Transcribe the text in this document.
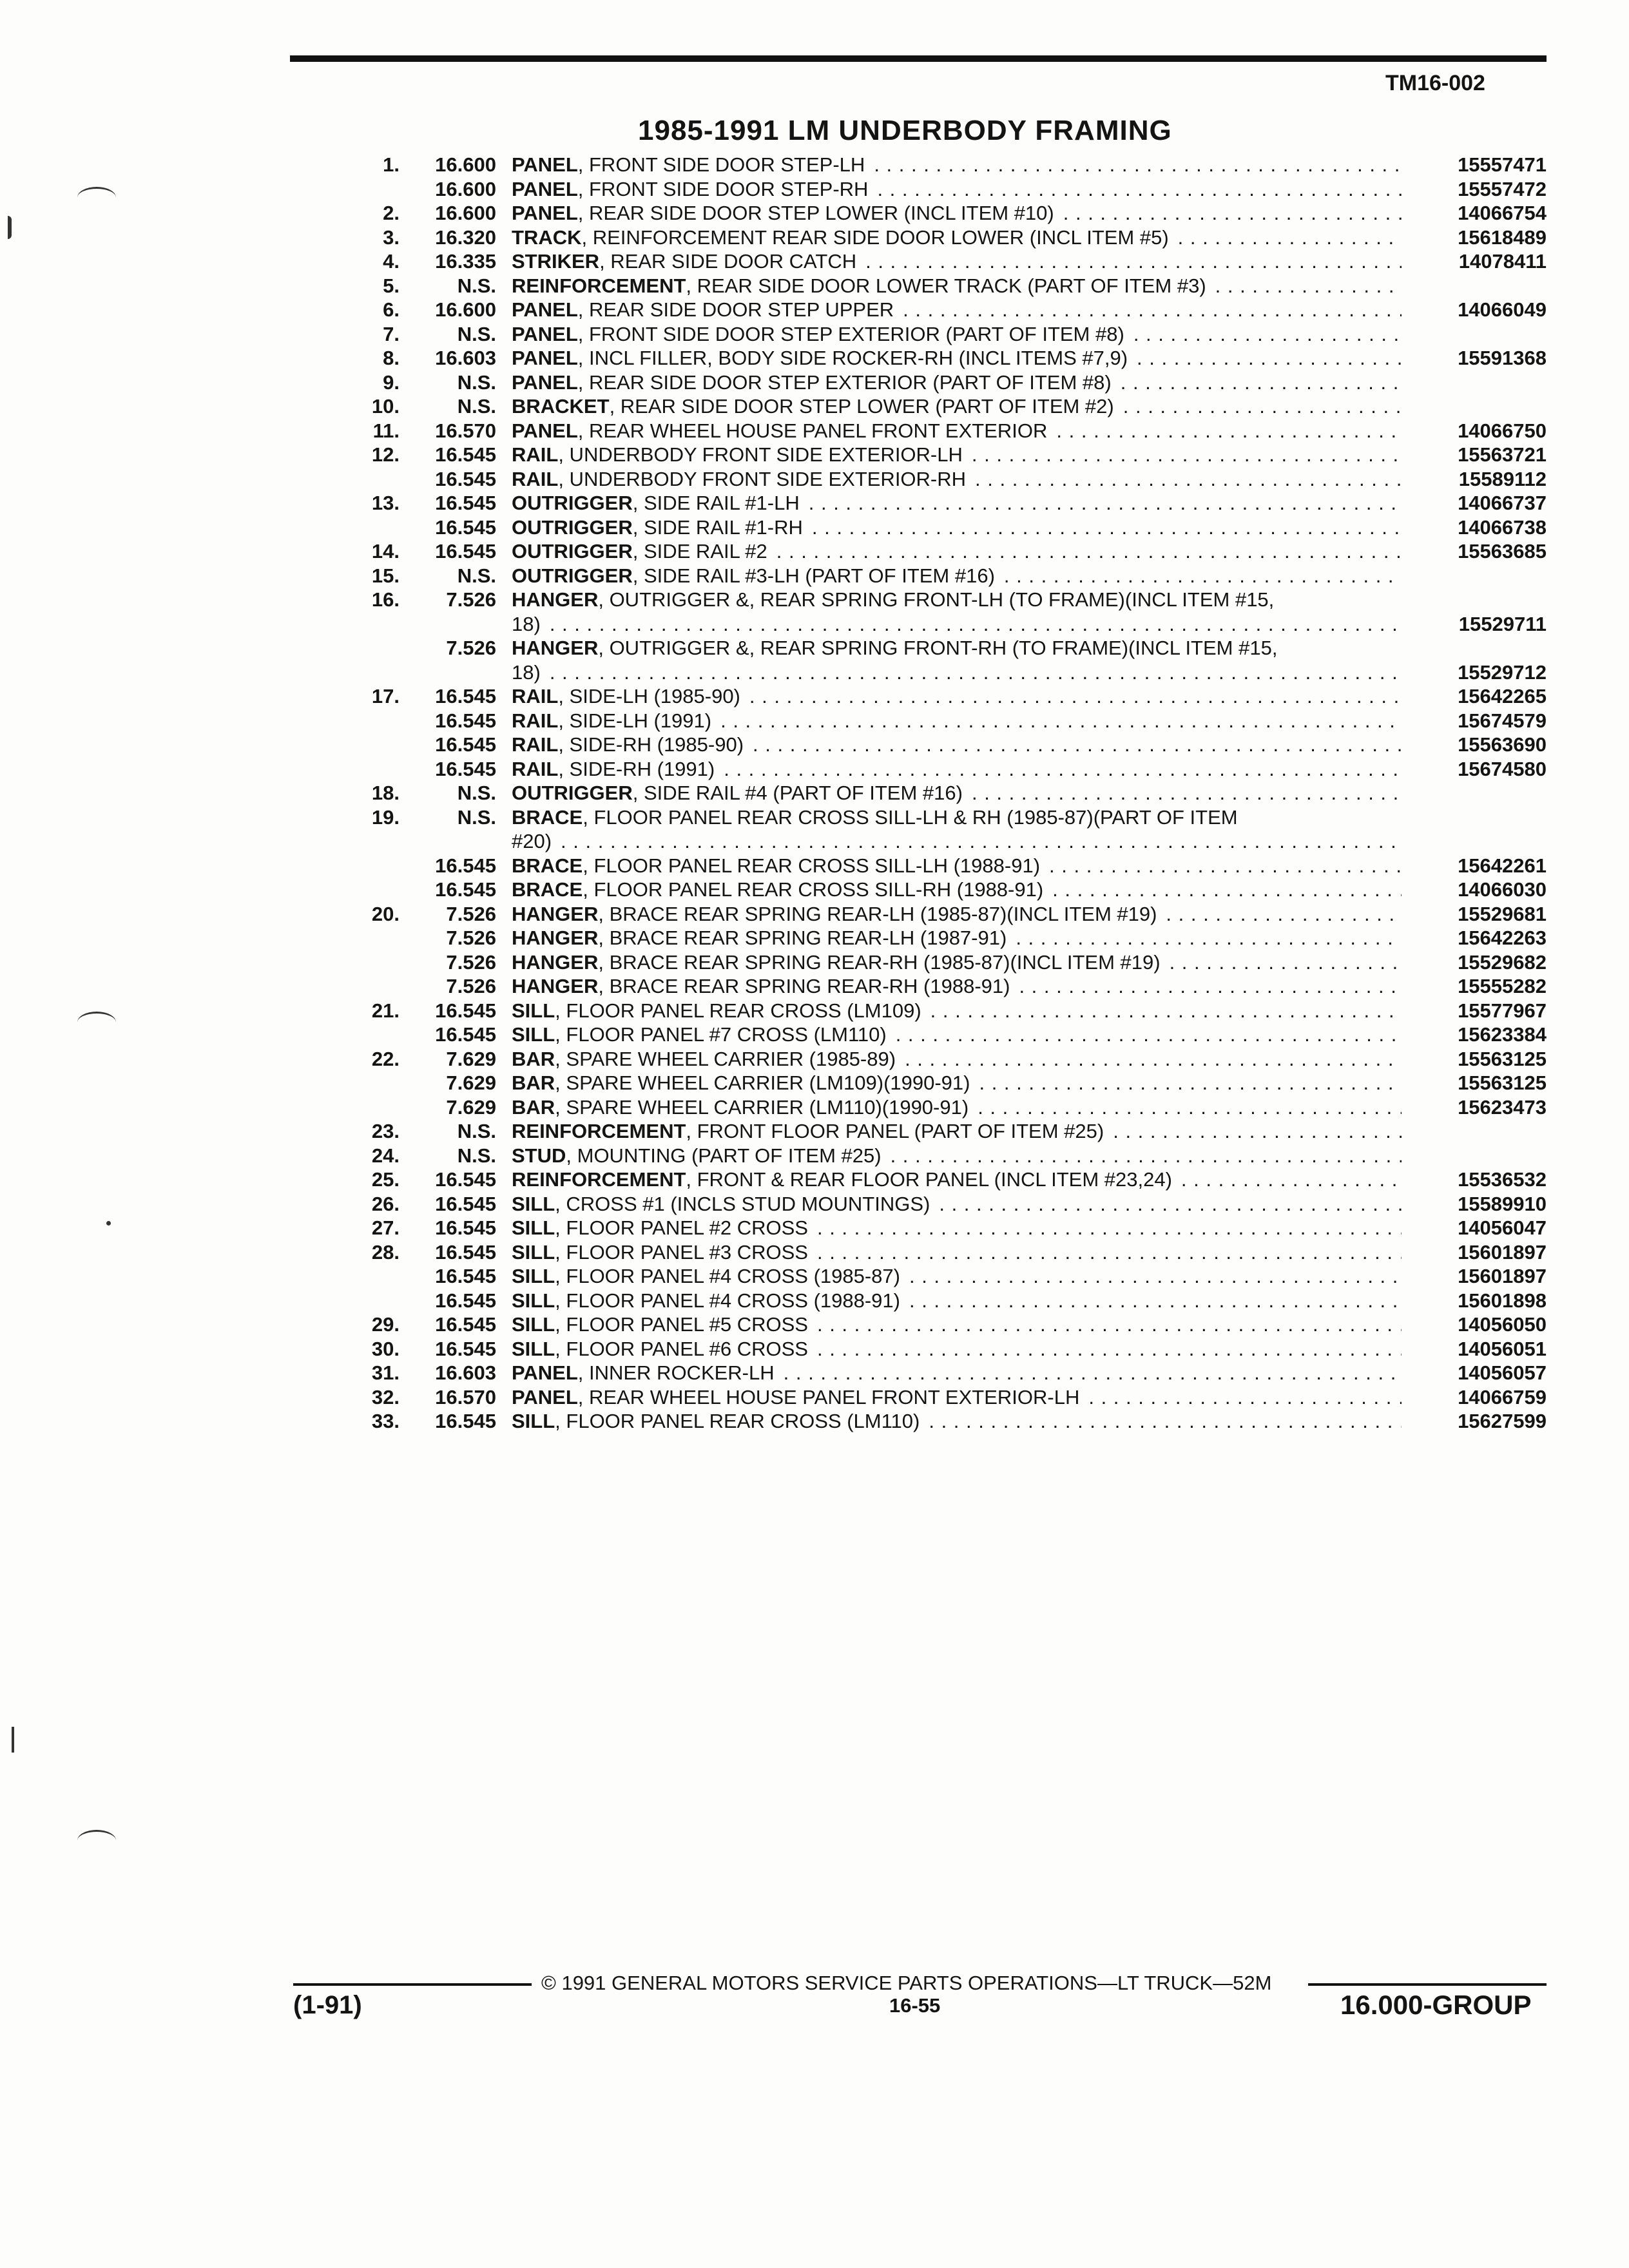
TM16-002
1985-1991 LM UNDERBODY FRAMING
1.	16.600 PANEL, FRONT SIDE DOOR STEP-LH . . .	15557471
16.600 PANEL, FRONT SIDE DOOR STEP-RH . . .	15557472
2.	16.600 PANEL, REAR SIDE DOOR STEP LOWER (INCL ITEM #10) . . .	14066754
3.	16.320 TRACK, REINFORCEMENT REAR SIDE DOOR LOWER (INCL ITEM #5) . . .	15618489
4.	16.335 STRIKER, REAR SIDE DOOR CATCH . . .	14078411
5.	N.S. REINFORCEMENT, REAR SIDE DOOR LOWER TRACK (PART OF ITEM #3) . . .
6.	16.600 PANEL, REAR SIDE DOOR STEP UPPER . . .	14066049
7.	N.S. PANEL, FRONT SIDE DOOR STEP EXTERIOR (PART OF ITEM #8) . . .
8.	16.603 PANEL, INCL FILLER, BODY SIDE ROCKER-RH (INCL ITEMS #7,9) . . .	15591368
9.	N.S. PANEL, REAR SIDE DOOR STEP EXTERIOR (PART OF ITEM #8) . . .
10.	N.S. BRACKET, REAR SIDE DOOR STEP LOWER (PART OF ITEM #2) . . .
11.	16.570 PANEL, REAR WHEEL HOUSE PANEL FRONT EXTERIOR . . .	14066750
12.	16.545 RAIL, UNDERBODY FRONT SIDE EXTERIOR-LH . . .	15563721
16.545 RAIL, UNDERBODY FRONT SIDE EXTERIOR-RH . . .	15589112
13.	16.545 OUTRIGGER, SIDE RAIL #1-LH . . .	14066737
16.545 OUTRIGGER, SIDE RAIL #1-RH . . .	14066738
14.	16.545 OUTRIGGER, SIDE RAIL #2 . . .	15563685
15.	N.S. OUTRIGGER, SIDE RAIL #3-LH (PART OF ITEM #16) . . .
16.	7.526 HANGER, OUTRIGGER &, REAR SPRING FRONT-LH (TO FRAME)(INCL ITEM #15,
18) . . .	15529711
7.526 HANGER, OUTRIGGER &, REAR SPRING FRONT-RH (TO FRAME)(INCL ITEM #15,
18) . . .	15529712
17.	16.545 RAIL, SIDE-LH (1985-90) . . .	15642265
16.545 RAIL, SIDE-LH (1991) . . .	15674579
16.545 RAIL, SIDE-RH (1985-90) . . .	15563690
16.545 RAIL, SIDE-RH (1991) . . .	15674580
18.	N.S. OUTRIGGER, SIDE RAIL #4 (PART OF ITEM #16) . . .
19.	N.S. BRACE, FLOOR PANEL REAR CROSS SILL-LH & RH (1985-87)(PART OF ITEM
#20) . . .
16.545 BRACE, FLOOR PANEL REAR CROSS SILL-LH (1988-91) . . .	15642261
16.545 BRACE, FLOOR PANEL REAR CROSS SILL-RH (1988-91) . . .	14066030
20.	7.526 HANGER, BRACE REAR SPRING REAR-LH (1985-87)(INCL ITEM #19) . . .	15529681
7.526 HANGER, BRACE REAR SPRING REAR-LH (1987-91) . . .	15642263
7.526 HANGER, BRACE REAR SPRING REAR-RH (1985-87)(INCL ITEM #19) . . .	15529682
7.526 HANGER, BRACE REAR SPRING REAR-RH (1988-91) . . .	15555282
21.	16.545 SILL, FLOOR PANEL REAR CROSS (LM109) . . .	15577967
16.545 SILL, FLOOR PANEL #7 CROSS (LM110) . . .	15623384
22.	7.629 BAR, SPARE WHEEL CARRIER (1985-89) . . .	15563125
7.629 BAR, SPARE WHEEL CARRIER (LM109)(1990-91) . . .	15563125
7.629 BAR, SPARE WHEEL CARRIER (LM110)(1990-91) . . .	15623473
23.	N.S. REINFORCEMENT, FRONT FLOOR PANEL (PART OF ITEM #25) . . .
24.	N.S. STUD, MOUNTING (PART OF ITEM #25) . . .
25.	16.545 REINFORCEMENT, FRONT & REAR FLOOR PANEL (INCL ITEM #23,24) . . .	15536532
26.	16.545 SILL, CROSS #1 (INCLS STUD MOUNTINGS) . . .	15589910
27.	16.545 SILL, FLOOR PANEL #2 CROSS . . .	14056047
28.	16.545 SILL, FLOOR PANEL #3 CROSS . . .	15601897
16.545 SILL, FLOOR PANEL #4 CROSS (1985-87) . . .	15601897
16.545 SILL, FLOOR PANEL #4 CROSS (1988-91) . . .	15601898
29.	16.545 SILL, FLOOR PANEL #5 CROSS . . .	14056050
30.	16.545 SILL, FLOOR PANEL #6 CROSS . . .	14056051
31.	16.603 PANEL, INNER ROCKER-LH . . .	14056057
32.	16.570 PANEL, REAR WHEEL HOUSE PANEL FRONT EXTERIOR-LH . . .	14066759
33.	16.545 SILL, FLOOR PANEL REAR CROSS (LM110) . . .	15627599
© 1991 GENERAL MOTORS SERVICE PARTS OPERATIONS—LT TRUCK—52M
(1-91)	16-55	16.000-GROUP
